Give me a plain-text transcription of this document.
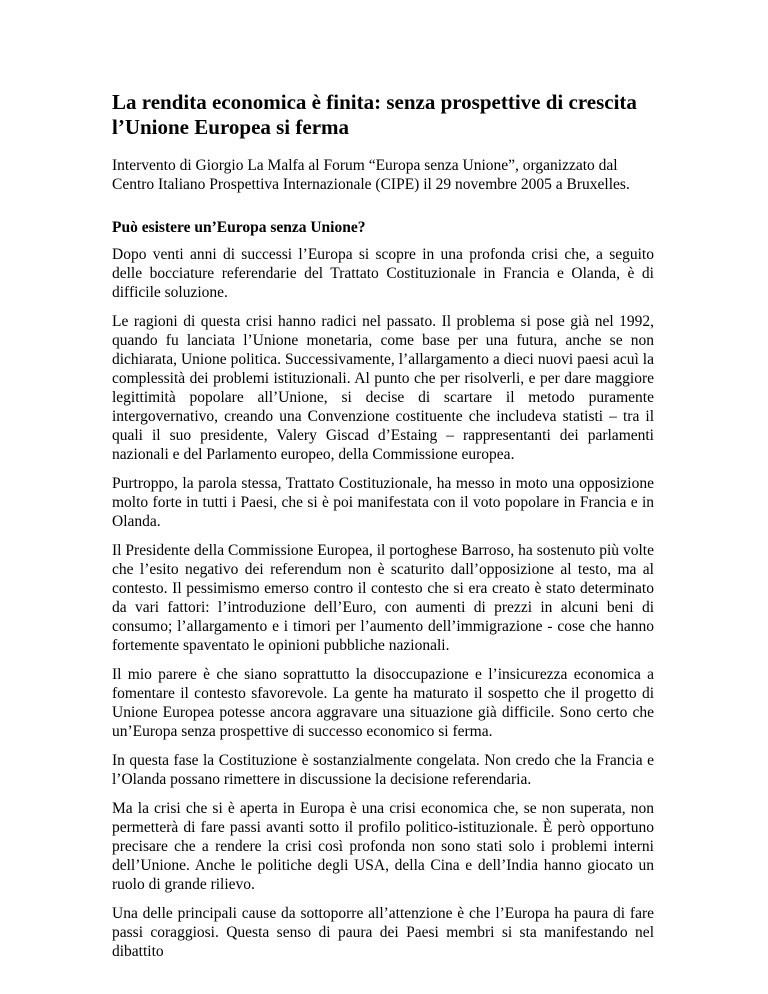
La rendita economica è finita: senza prospettive di crescita l’Unione Europea si ferma

Intervento di Giorgio La Malfa al Forum “Europa senza Unione”, organizzato dal Centro Italiano Prospettiva Internazionale (CIPE) il 29 novembre 2005 a Bruxelles.

Può esistere un’Europa senza Unione?

Dopo venti anni di successi l’Europa si scopre in una profonda crisi che, a seguito delle bocciature referendarie del Trattato Costituzionale in Francia e Olanda, è di difficile soluzione.

Le ragioni di questa crisi hanno radici nel passato. Il problema si pose già nel 1992, quando fu lanciata l’Unione monetaria, come base per una futura, anche se non dichiarata, Unione politica. Successivamente, l’allargamento a dieci nuovi paesi acuì la complessità dei problemi istituzionali. Al punto che per risolverli, e per dare maggiore legittimità popolare all’Unione, si decise di scartare il metodo puramente intergovernativo, creando una Convenzione costituente che includeva statisti – tra il quali il suo presidente, Valery Giscad d’Estaing – rappresentanti dei parlamenti nazionali e del Parlamento europeo, della Commissione europea.

Purtroppo, la parola stessa, Trattato Costituzionale, ha messo in moto una opposizione molto forte in tutti i Paesi, che si è poi manifestata con il voto popolare in Francia e in Olanda.

Il Presidente della Commissione Europea, il portoghese Barroso, ha sostenuto più volte che l’esito negativo dei referendum non è scaturito dall’opposizione al testo, ma al contesto. Il pessimismo emerso contro il contesto che si era creato è stato determinato da vari fattori: l’introduzione dell’Euro, con aumenti di prezzi in alcuni beni di consumo; l’allargamento e i timori per l’aumento dell’immigrazione - cose che hanno fortemente spaventato le opinioni pubbliche nazionali.

Il mio parere è che siano soprattutto la disoccupazione e l’insicurezza economica a fomentare il contesto sfavorevole. La gente ha maturato il sospetto che il progetto di Unione Europea potesse ancora aggravare una situazione già difficile. Sono certo che un’Europa senza prospettive di successo economico si ferma.

In questa fase la Costituzione è sostanzialmente congelata. Non credo che la Francia e l’Olanda possano rimettere in discussione la decisione referendaria.

Ma la crisi che si è aperta in Europa è una crisi economica che, se non superata, non permetterà di fare passi avanti sotto il profilo politico-istituzionale. È però opportuno precisare che a rendere la crisi così profonda non sono stati solo i problemi interni dell’Unione. Anche le politiche degli USA, della Cina e dell’India hanno giocato un ruolo di grande rilievo.

Una delle principali cause da sottoporre all’attenzione è che l’Europa ha paura di fare passi coraggiosi. Questa senso di paura dei Paesi membri si sta manifestando nel dibattito
